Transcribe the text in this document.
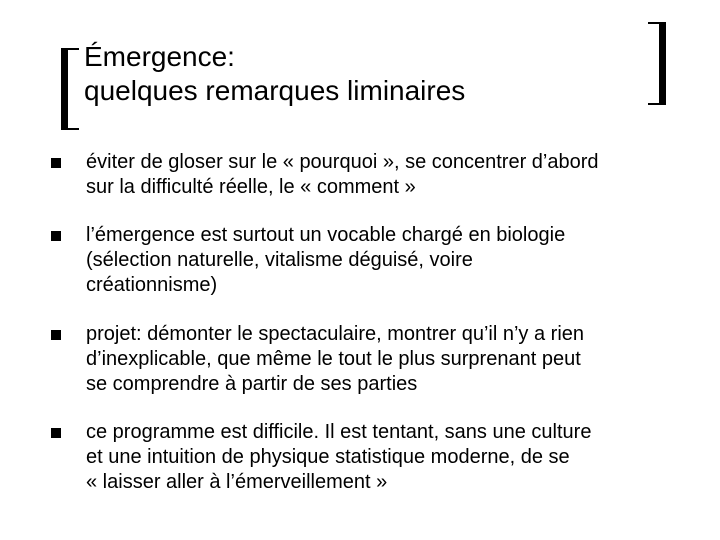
Émergence:
quelques remarques liminaires
éviter de gloser sur le « pourquoi », se concentrer d’abord
sur la difficulté réelle, le « comment »
l’émergence est surtout un vocable chargé en biologie
(sélection naturelle, vitalisme déguisé, voire
créationnisme)
projet: démonter le spectaculaire, montrer qu’il n’y a rien
d’inexplicable, que même le tout le plus surprenant peut
se comprendre à partir de ses parties
ce programme est difficile. Il est tentant, sans une culture
et une intuition de physique statistique moderne, de se
« laisser aller à l’émerveillement »
